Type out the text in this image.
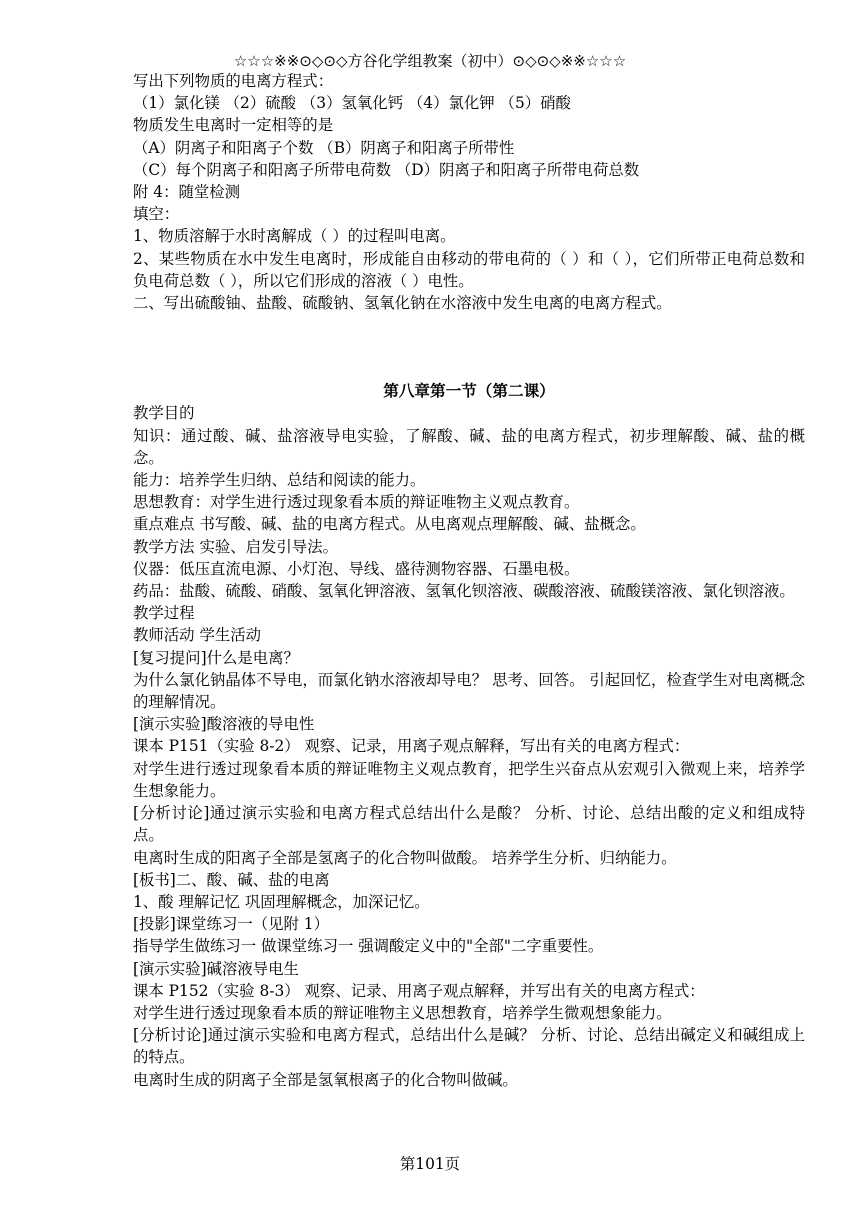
☆☆☆※※⊙◇⊙◇方谷化学组教案（初中）⊙◇⊙◇※※☆☆☆

写出下列物质的电离方程式：

（1）氯化镁 （2）硫酸 （3）氢氧化钙 （4）氯化钾 （5）硝酸

物质发生电离时一定相等的是

（A）阴离子和阳离子个数 （B）阴离子和阳离子所带性

（C）每个阴离子和阳离子所带电荷数 （D）阴离子和阳离子所带电荷总数

附 4：随堂检测

填空：

1、物质溶解于水时离解成（ ）的过程叫电离。

2、某些物质在水中发生电离时，形成能自由移动的带电荷的（ ）和（ ），它们所带正电荷总数和负电荷总数（ ），所以它们形成的溶液（ ）电性。

二、写出硫酸铀、盐酸、硫酸钠、氢氧化钠在水溶液中发生电离的电离方程式。

第八章第一节（第二课）

教学目的

知识：通过酸、碱、盐溶液导电实验，了解酸、碱、盐的电离方程式，初步理解酸、碱、盐的概念。

能力：培养学生归纳、总结和阅读的能力。

思想教育：对学生进行透过现象看本质的辩证唯物主义观点教育。

重点难点 书写酸、碱、盐的电离方程式。从电离观点理解酸、碱、盐概念。

教学方法 实验、启发引导法。

仪器：低压直流电源、小灯泡、导线、盛待测物容器、石墨电极。

药品：盐酸、硫酸、硝酸、氢氧化钾溶液、氢氧化钡溶液、碳酸溶液、硫酸镁溶液、氯化钡溶液。

教学过程

教师活动 学生活动

[复习提问]什么是电离？

为什么氯化钠晶体不导电，而氯化钠水溶液却导电？ 思考、回答。 引起回忆，检查学生对电离概念的理解情况。

[演示实验]酸溶液的导电性

课本 P151（实验 8-2） 观察、记录，用离子观点解释，写出有关的电离方程式：

对学生进行透过现象看本质的辩证唯物主义观点教育，把学生兴奋点从宏观引入微观上来，培养学生想象能力。

[分析讨论]通过演示实验和电离方程式总结出什么是酸？ 分析、讨论、总结出酸的定义和组成特点。

电离时生成的阳离子全部是氢离子的化合物叫做酸。 培养学生分析、归纳能力。

[板书]二、酸、碱、盐的电离

1、酸 理解记忆 巩固理解概念，加深记忆。

[投影]课堂练习一（见附 1）

指导学生做练习一 做课堂练习一 强调酸定义中的"全部"二字重要性。

[演示实验]碱溶液导电生

课本 P152（实验 8-3） 观察、记录、用离子观点解释，并写出有关的电离方程式：

对学生进行透过现象看本质的辩证唯物主义思想教育，培养学生微观想象能力。

[分析讨论]通过演示实验和电离方程式，总结出什么是碱？ 分析、讨论、总结出碱定义和碱组成上的特点。

电离时生成的阴离子全部是氢氧根离子的化合物叫做碱。

第101页
